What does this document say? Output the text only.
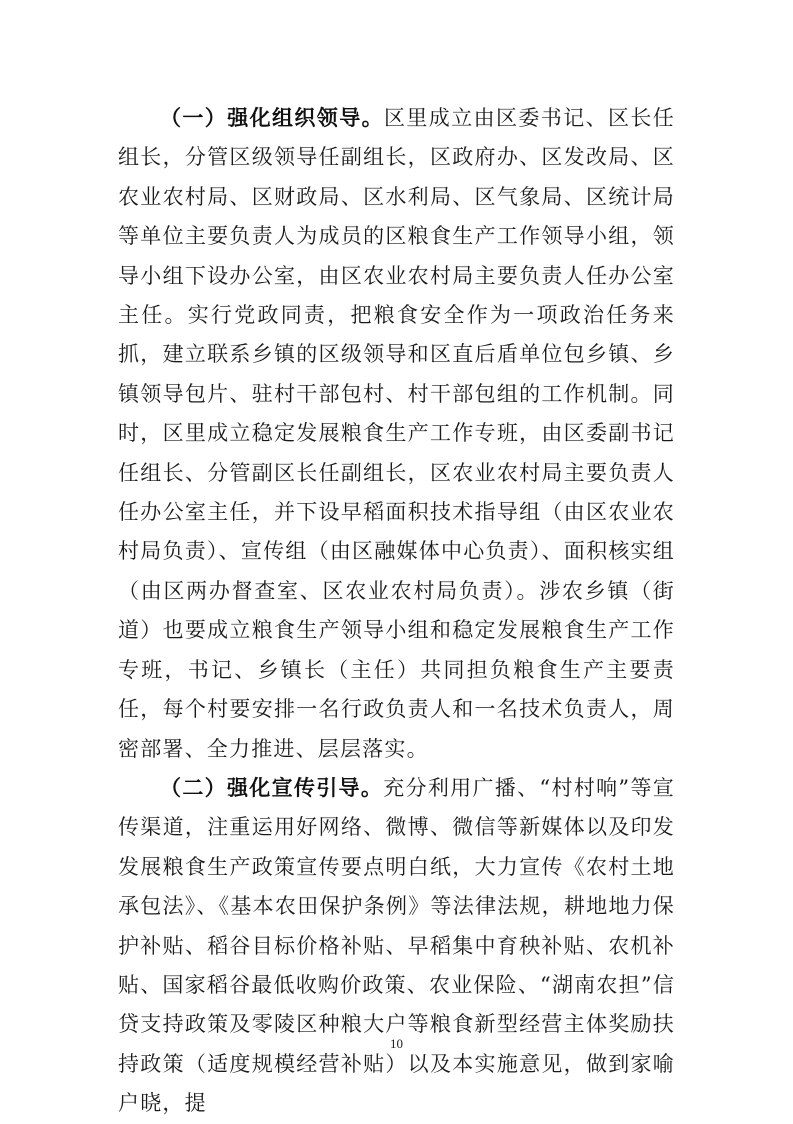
（一）强化组织领导。区里成立由区委书记、区长任组长，分管区级领导任副组长，区政府办、区发改局、区农业农村局、区财政局、区水利局、区气象局、区统计局等单位主要负责人为成员的区粮食生产工作领导小组，领导小组下设办公室，由区农业农村局主要负责人任办公室主任。实行党政同责，把粮食安全作为一项政治任务来抓，建立联系乡镇的区级领导和区直后盾单位包乡镇、乡镇领导包片、驻村干部包村、村干部包组的工作机制。同时，区里成立稳定发展粮食生产工作专班，由区委副书记任组长、分管副区长任副组长，区农业农村局主要负责人任办公室主任，并下设早稻面积技术指导组（由区农业农村局负责）、宣传组（由区融媒体中心负责）、面积核实组（由区两办督查室、区农业农村局负责）。涉农乡镇（街道）也要成立粮食生产领导小组和稳定发展粮食生产工作专班，书记、乡镇长（主任）共同担负粮食生产主要责任，每个村要安排一名行政负责人和一名技术负责人，周密部署、全力推进、层层落实。

（二）强化宣传引导。充分利用广播、“村村响”等宣传渠道，注重运用好网络、微博、微信等新媒体以及印发发展粮食生产政策宣传要点明白纸，大力宣传《农村土地承包法》、《基本农田保护条例》等法律法规，耕地地力保护补贴、稻谷目标价格补贴、早稻集中育秧补贴、农机补贴、国家稻谷最低收购价政策、农业保险、“湖南农担”信贷支持政策及零陵区种粮大户等粮食新型经营主体奖励扶持政策（适度规模经营补贴）以及本实施意见，做到家喻户晓，提

10
